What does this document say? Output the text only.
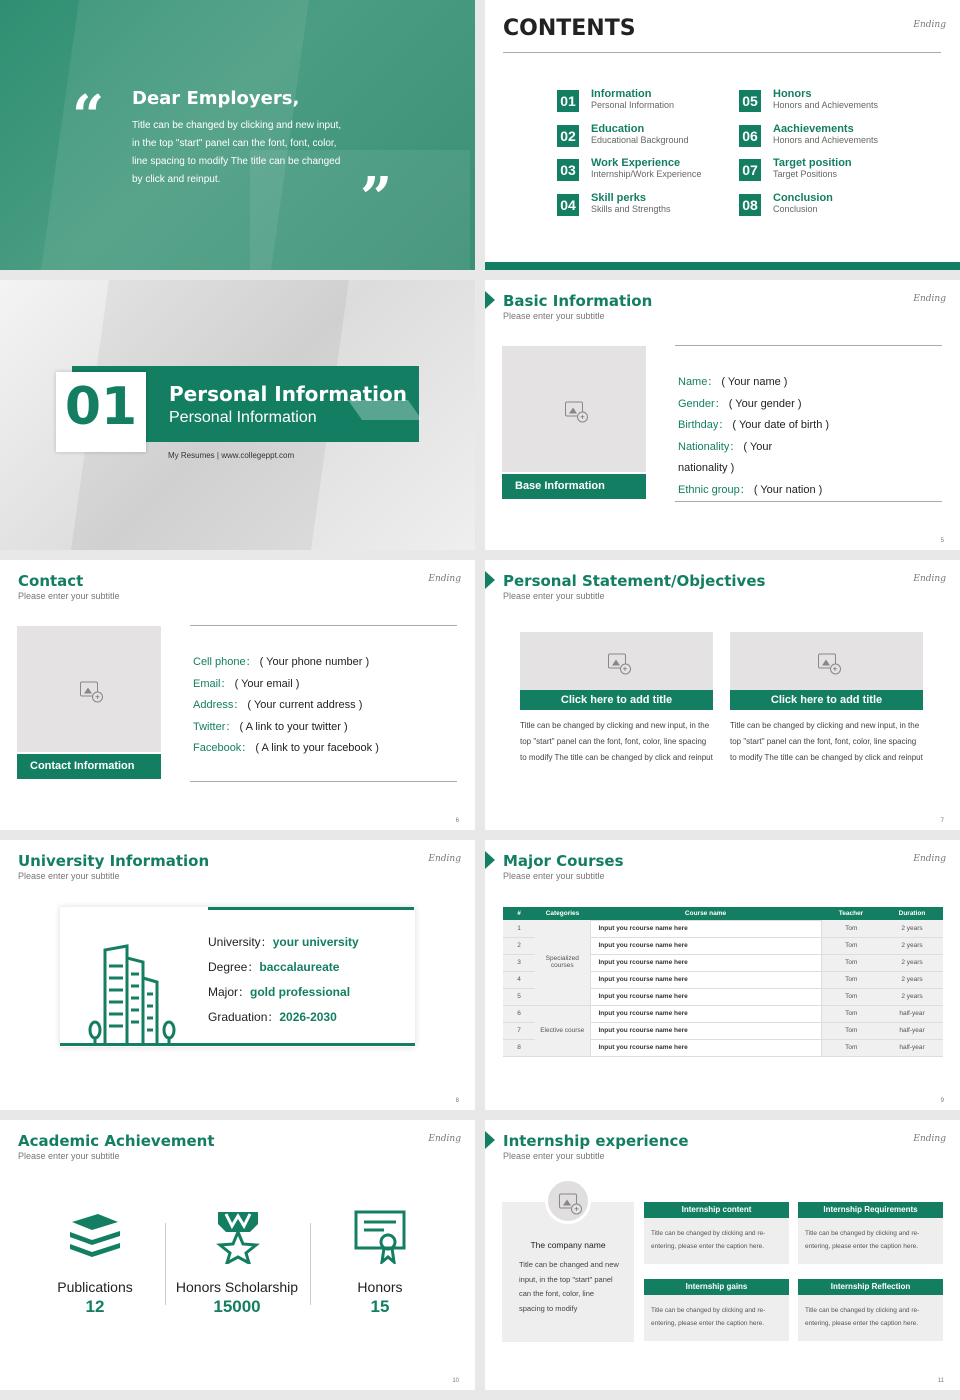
“ Dear Employers,
Title can be changed by clicking and new input, in the top "start" panel can the font, font, color, line spacing to modify The title can be changed by click and reinput.	”
CONTENTS	Ending
01 Information
Personal Information
02 Education
Educational Background
03 Work Experience
Internship/Work Experience
04 Skill perks
Skills and Strengths
05 Honors
Honors and Achievements
06 Aachievements
Honors and Achievements
07 Target position
Target Positions
08 Conclusion
Conclusion
01	Personal Information
Personal Information
My Resumes | www.collegeppt.com
Basic Information
Please enter your subtitle
Ending
+
Base Information
Name： ( Your name )
Gender： ( Your gender )
Birthday： ( Your date of birth )
Nationality： ( Your
nationality )
Ethnic group： ( Your nation )
5
Contact
Please enter your subtitle
Ending
+
Contact Information
Cell phone： ( Your phone number )
Email： ( Your email )
Address： ( Your current address )
Twitter： ( A link to your twitter )
Facebook： ( A link to your facebook )
6
Personal Statement/Objectives
Please enter your subtitle
Ending
+
Click here to add title
Title can be changed by clicking and new input, in the top "start" panel can the font, font, color, line spacing to modify The title can be changed by click and reinput
+
Click here to add title
Title can be changed by clicking and new input, in the top "start" panel can the font, font, color, line spacing to modify The title can be changed by click and reinput
7
University Information
Please enter your subtitle
Ending
University：your university
Degree：baccalaureate
Major：gold professional
Graduation：2026-2030
8
Major Courses
Please enter your subtitle
Ending
#	Categories	Course name	Teacher	Duration
1	Specialized courses	Input you rcourse name here	Tom	2 years
2		Input you rcourse name here	Tom	2 years
3		Input you rcourse name here	Tom	2 years
4		Input you rcourse name here	Tom	2 years
5		Input you rcourse name here	Tom	2 years
6	Elective course	Input you rcourse name here	Tom	half-year
7		Input you rcourse name here	Tom	half-year
8		Input you rcourse name here	Tom	half-year
9
Academic Achievement
Please enter your subtitle
Ending
Publications
12
Honors Scholarship
15000
Honors
15
10
Internship experience
Please enter your subtitle
Ending
+
The company name
Title can be changed and new input, in the top "start" panel can the font, color, line spacing to modify
Internship content
Title can be changed by clicking and re-entering, please enter the caption here.
Internship Requirements
Title can be changed by clicking and re-entering, please enter the caption here.
Internship gains
Title can be changed by clicking and re-entering, please enter the caption here.
Internship Reflection
Title can be changed by clicking and re-entering, please enter the caption here.
11
